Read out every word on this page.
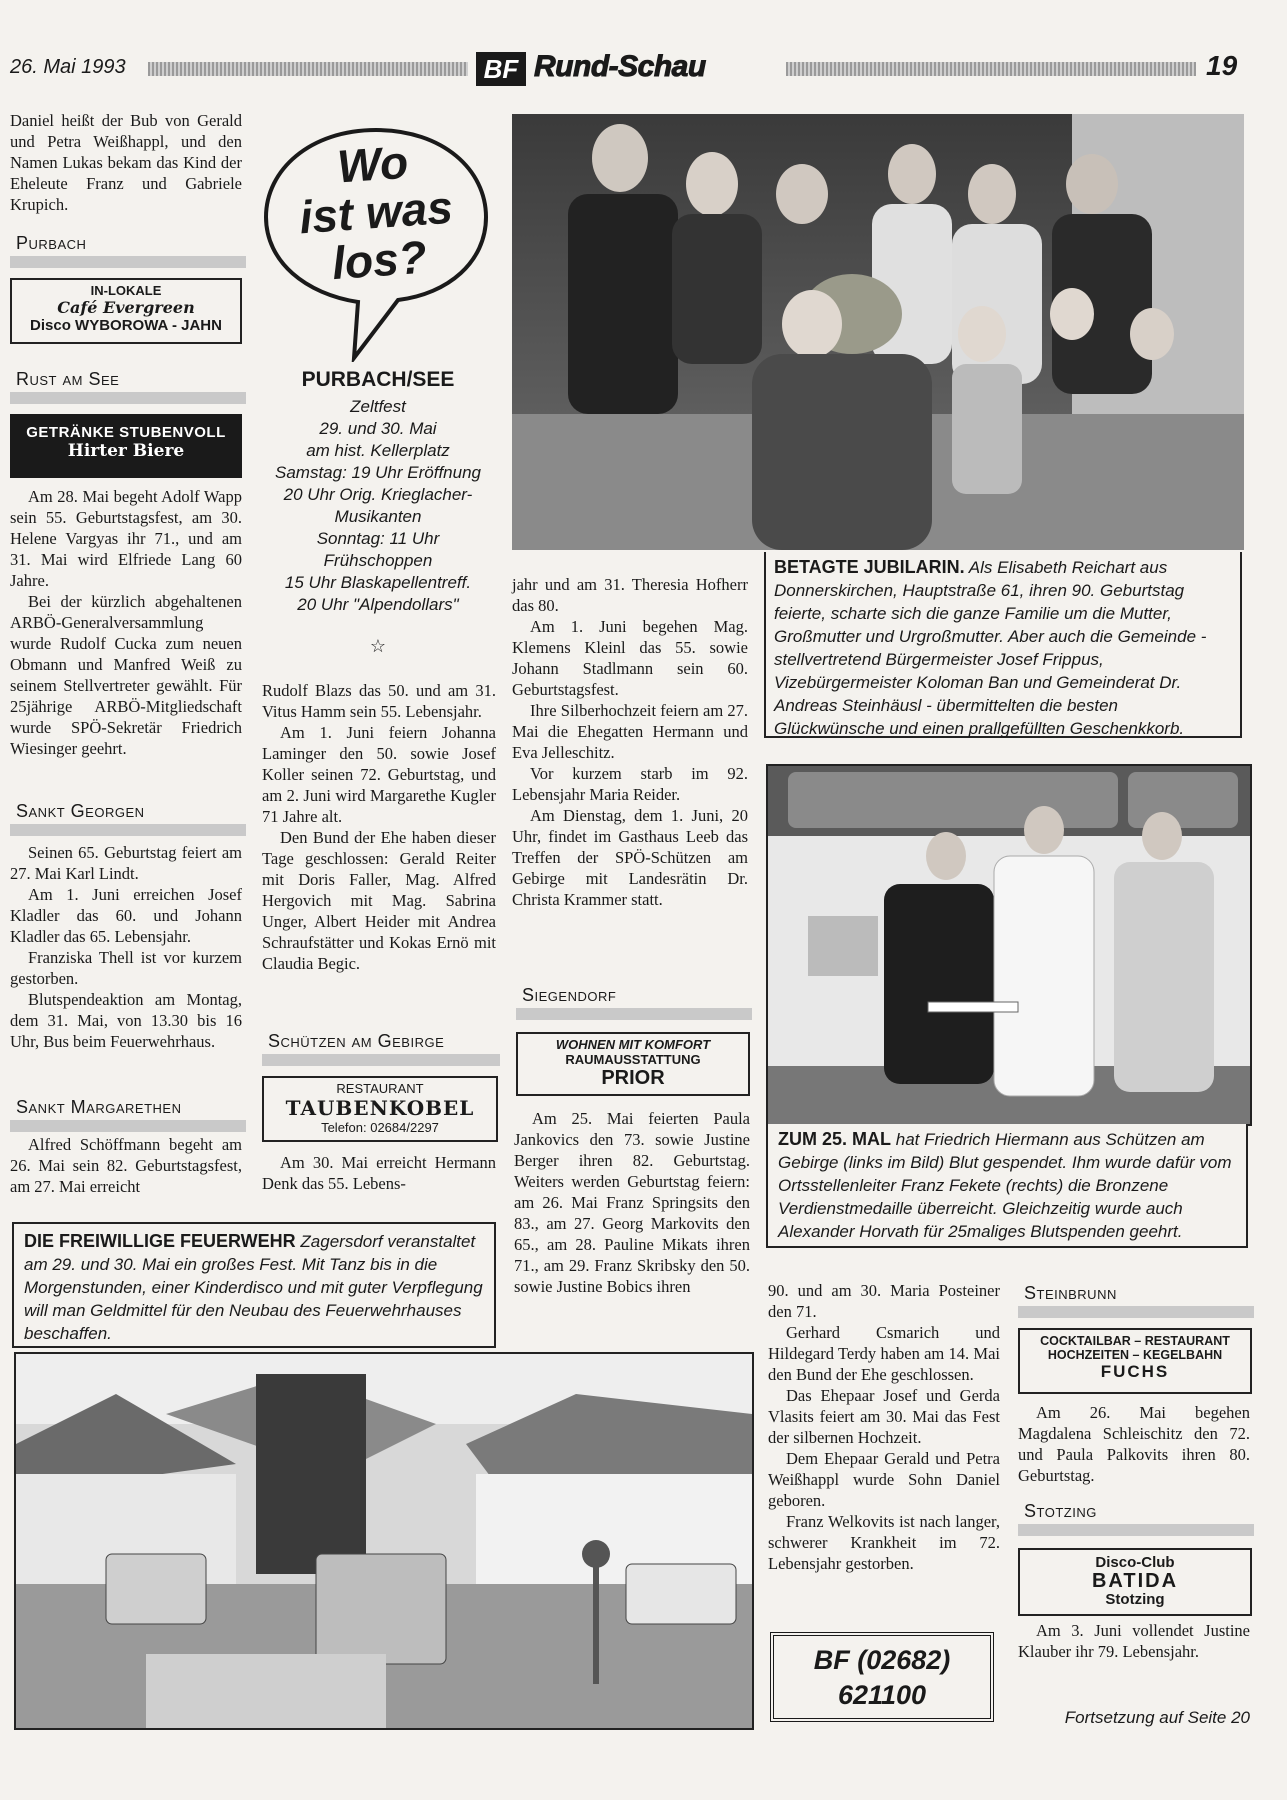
26. Mai 1993	BF Rund-Schau	19

Daniel heißt der Bub von Gerald und Petra Weißhappl, und den Namen Lukas bekam das Kind der Eheleute Franz und Gabriele Krupich.

Purbach
IN-LOKALE
Café Evergreen
Disco WYBOROWA - JAHN
Rust am See
GETRÄNKE STUBENVOLL
Hirter Biere

Am 28. Mai begeht Adolf Wapp sein 55. Geburtstagsfest, am 30. Helene Vargyas ihr 71., und am 31. Mai wird Elfriede Lang 60 Jahre.

Bei der kürzlich abgehaltenen ARBÖ-Generalversammlung wurde Rudolf Cucka zum neuen Obmann und Manfred Weiß zu seinem Stellvertreter gewählt. Für 25jährige ARBÖ-Mitgliedschaft wurde SPÖ-Sekretär Friedrich Wiesinger geehrt.

Sankt Georgen

Seinen 65. Geburtstag feiert am 27. Mai Karl Lindt.

Am 1. Juni erreichen Josef Kladler das 60. und Johann Kladler das 65. Lebensjahr.

Franziska Thell ist vor kurzem gestorben.

Blutspendeaktion am Montag, dem 31. Mai, von 13.30 bis 16 Uhr, Bus beim Feuerwehrhaus.

Sankt Margarethen

Alfred Schöffmann begeht am 26. Mai sein 82. Geburtstagsfest, am 27. Mai erreicht

Wo
ist was
los?
PURBACH/SEE
Zeltfest
29. und 30. Mai
am hist. Kellerplatz
Samstag: 19 Uhr Eröffnung
20 Uhr Orig. Krieglacher-
Musikanten
Sonntag: 11 Uhr
Frühschoppen
15 Uhr Blaskapellentreff.
20 Uhr "Alpendollars"
☆

Rudolf Blazs das 50. und am 31. Vitus Hamm sein 55. Lebensjahr.

Am 1. Juni feiern Johanna Laminger den 50. sowie Josef Koller seinen 72. Geburtstag, und am 2. Juni wird Margarethe Kugler 71 Jahre alt.

Den Bund der Ehe haben dieser Tage geschlossen: Gerald Reiter mit Doris Faller, Mag. Alfred Hergovich mit Mag. Sabrina Unger, Albert Heider mit Andrea Schraufstätter und Kokas Ernö mit Claudia Begic.

Schützen am Gebirge
RESTAURANT
TAUBENKOBEL
Telefon: 02684/2297

Am 30. Mai erreicht Hermann Denk das 55. Lebens-

BETAGTE JUBILARIN. Als Elisabeth Reichart aus Donnerskirchen, Hauptstraße 61, ihren 90. Geburtstag feierte, scharte sich die ganze Familie um die Mutter, Großmutter und Urgroßmutter. Aber auch die Gemeinde - stellvertretend Bürgermeister Josef Frippus, Vizebürgermeister Koloman Ban und Gemeinderat Dr. Andreas Steinhäusl - übermittelten die besten Glückwünsche und einen prallgefüllten Geschenkkorb.

jahr und am 31. Theresia Hofherr das 80.

Am 1. Juni begehen Mag. Klemens Kleinl das 55. sowie Johann Stadlmann sein 60. Geburtstagsfest.

Ihre Silberhochzeit feiern am 27. Mai die Ehegatten Hermann und Eva Jelleschitz.

Vor kurzem starb im 92. Lebensjahr Maria Reider.

Am Dienstag, dem 1. Juni, 20 Uhr, findet im Gasthaus Leeb das Treffen der SPÖ-Schützen am Gebirge mit Landesrätin Dr. Christa Krammer statt.

Siegendorf
WOHNEN MIT KOMFORT
RAUMAUSSTATTUNG
PRIOR

Am 25. Mai feierten Paula Jankovics den 73. sowie Justine Berger ihren 82. Geburtstag. Weiters werden Geburtstag feiern: am 26. Mai Franz Springsits den 83., am 27. Georg Markovits den 65., am 28. Pauline Mikats ihren 71., am 29. Franz Skribsky den 50. sowie Justine Bobics ihren

ZUM 25. MAL hat Friedrich Hiermann aus Schützen am Gebirge (links im Bild) Blut gespendet. Ihm wurde dafür vom Ortsstellenleiter Franz Fekete (rechts) die Bronzene Verdienstmedaille überreicht. Gleichzeitig wurde auch Alexander Horvath für 25maliges Blutspenden geehrt.
DIE FREIWILLIGE FEUERWEHR Zagersdorf veranstaltet am 29. und 30. Mai ein großes Fest. Mit Tanz bis in die Morgenstunden, einer Kinderdisco und mit guter Verpflegung will man Geldmittel für den Neubau des Feuerwehrhauses beschaffen.

90. und am 30. Maria Posteiner den 71.

Gerhard Csmarich und Hildegard Terdy haben am 14. Mai den Bund der Ehe geschlossen.

Das Ehepaar Josef und Gerda Vlasits feiert am 30. Mai das Fest der silbernen Hochzeit.

Dem Ehepaar Gerald und Petra Weißhappl wurde Sohn Daniel geboren.

Franz Welkovits ist nach langer, schwerer Krankheit im 72. Lebensjahr gestorben.

BF (02682)
621100
Steinbrunn
COCKTAILBAR – RESTAURANT
HOCHZEITEN – KEGELBAHN
FUCHS

Am 26. Mai begehen Magdalena Schleischitz den 72. und Paula Palkovits ihren 80. Geburtstag.

Stotzing
Disco-Club
BATIDA
Stotzing

Am 3. Juni vollendet Justine Klauber ihr 79. Lebensjahr.

Fortsetzung auf Seite 20
